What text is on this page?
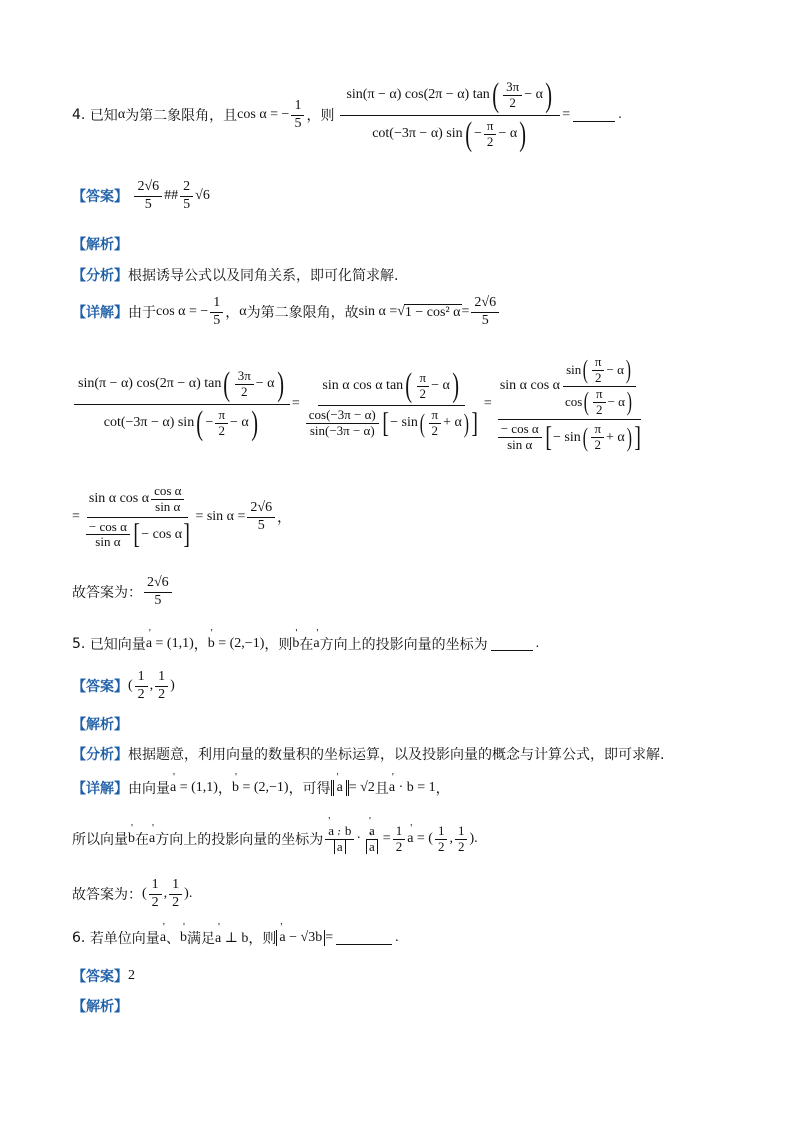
4.
已知 α 为第二象限角，且 cos α = − $\frac{1}{5}$ ，则
sin(π − α) cos(2π − α) tan ( $\frac{3\pi}{2} - \alpha$ )
cot(−3π − α) sin ( − $\frac{\pi}{2} - \alpha$ )
=	.
【答案】
$\frac{2√6}{5}$ ## $\frac{2}{5} √6$
【解析】
【分析】 根据诱导公式以及同角关系，即可化简求解.
【详解】 由于 cos α = − $\frac{1}{5}$ ， α 为第二象限角，故 sin α = √ 1 − cos² $\alpha = \frac{2√6}{5}$
$\frac{\sin(\pi - \alpha) \cos(2\pi - \alpha) \tan ( \frac{3\pi}{2} - \alpha )}{\cot(-3\pi - \alpha) \sin ( - \frac{\pi}{2} - \alpha )}$ =
sin α cos α tan ( $\frac{\pi}{2} - \alpha$ )
$\frac{\cos(-3\pi - \alpha)}{\sin(-3\pi - \alpha)}$ [ − sin ( $\frac{\pi}{2} + \alpha$ ) ]
=
sin α cos α $\frac{\sin ( \frac{\pi}{2} - \alpha )}{\cos ( \frac{\pi}{2} - \alpha )}$
$\frac{\text{− cos α}}{\text{sin α}}$ [ − sin ( $\frac{\pi}{2} + \alpha$ ) ]
= $\frac{\sin \alpha \cos \alpha \frac{\text{cos α}}{\text{sin α}}}{\frac{\text{− cos α}}{\text{sin α}} [ - \cos \alpha ]} = \sin \alpha = \frac{2√6}{5}$ ，
故答案为： $\frac{2√6}{5}$
5.
已知向量 ' a = (1,1) ， ' b = (2,−1) ，则 ' b 在 ' a 方向上的投影向量的坐标为	.
【答案】 ( $\frac{1}{2}$ , $\frac{1}{2}$ )
【解析】
【分析】 根据题意，利用向量的数量积的坐标运算，以及投影向量的概念与计算公式，即可求解.
【详解】 由向量 ' a = (1,1) ， ' b = (2,−1) ，可得 ' a = √2 且 ' a · b = 1 ，
所以向量 ' b 在 ' a 方向上的投影向量的坐标为 ' a · b
' a · ' a
' $a = \frac{1}{2}$ ' a = ( $\frac{1}{2}$ , $\frac{1}{2}$ ).
故答案为： ( $\frac{1}{2}$ , $\frac{1}{2}$ ).
6.
若单位向量 ' a 、 ' b 满足 ' a ⊥ b ，则 ' a − √3b =	.
【答案】 2
【解析】
